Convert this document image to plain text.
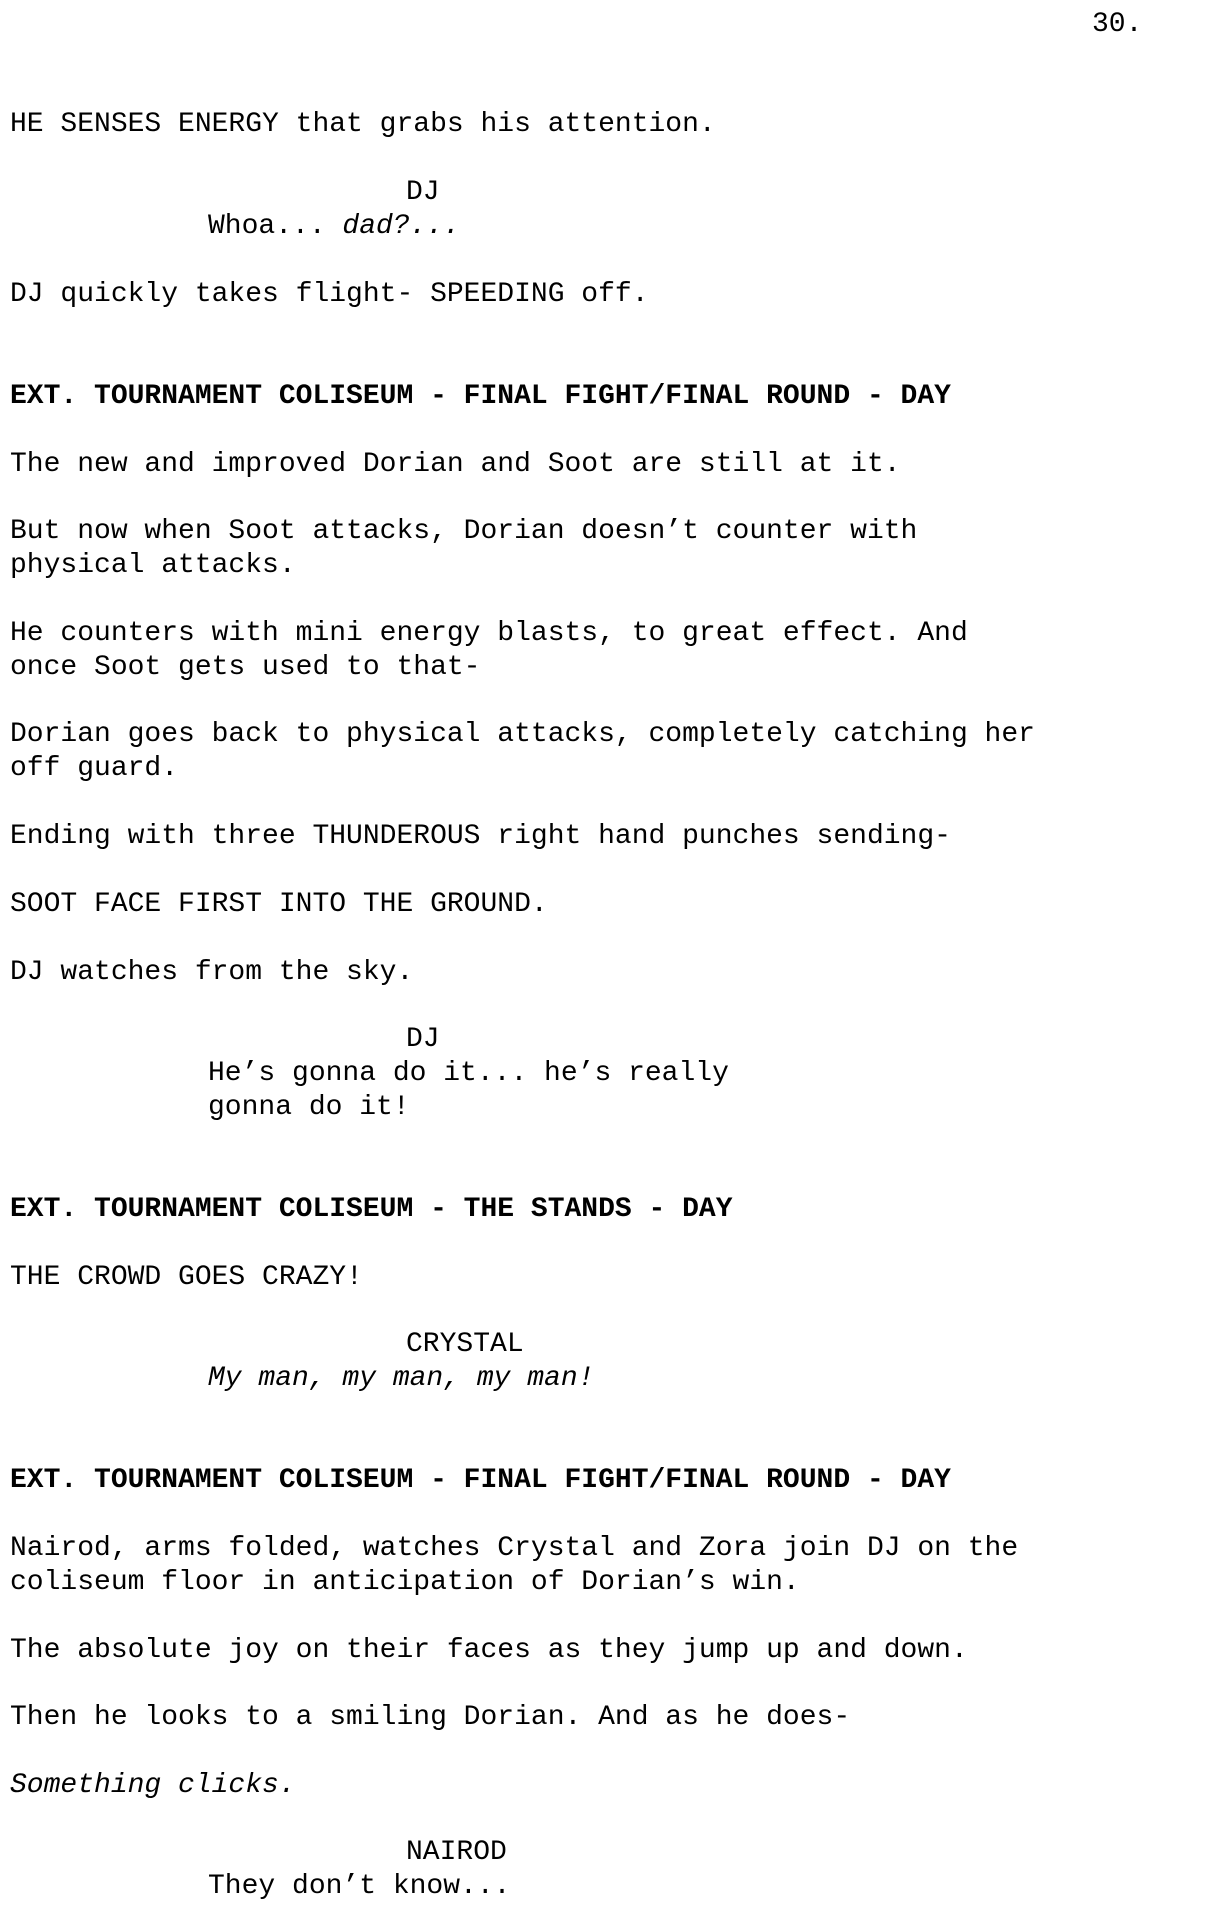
30.
HE SENSES ENERGY that grabs his attention.
DJ
Whoa... dad?...
DJ quickly takes flight- SPEEDING off.
EXT. TOURNAMENT COLISEUM - FINAL FIGHT/FINAL ROUND - DAY
The new and improved Dorian and Soot are still at it.
But now when Soot attacks, Dorian doesn’t counter with
physical attacks.
He counters with mini energy blasts, to great effect. And
once Soot gets used to that-
Dorian goes back to physical attacks, completely catching her
off guard.
Ending with three THUNDEROUS right hand punches sending-
SOOT FACE FIRST INTO THE GROUND.
DJ watches from the sky.
DJ
He’s gonna do it... he’s really
gonna do it!
EXT. TOURNAMENT COLISEUM - THE STANDS - DAY
THE CROWD GOES CRAZY!
CRYSTAL
My man, my man, my man!
EXT. TOURNAMENT COLISEUM - FINAL FIGHT/FINAL ROUND - DAY
Nairod, arms folded, watches Crystal and Zora join DJ on the
coliseum floor in anticipation of Dorian’s win.
The absolute joy on their faces as they jump up and down.
Then he looks to a smiling Dorian. And as he does-
Something clicks.
NAIROD
They don’t know...
